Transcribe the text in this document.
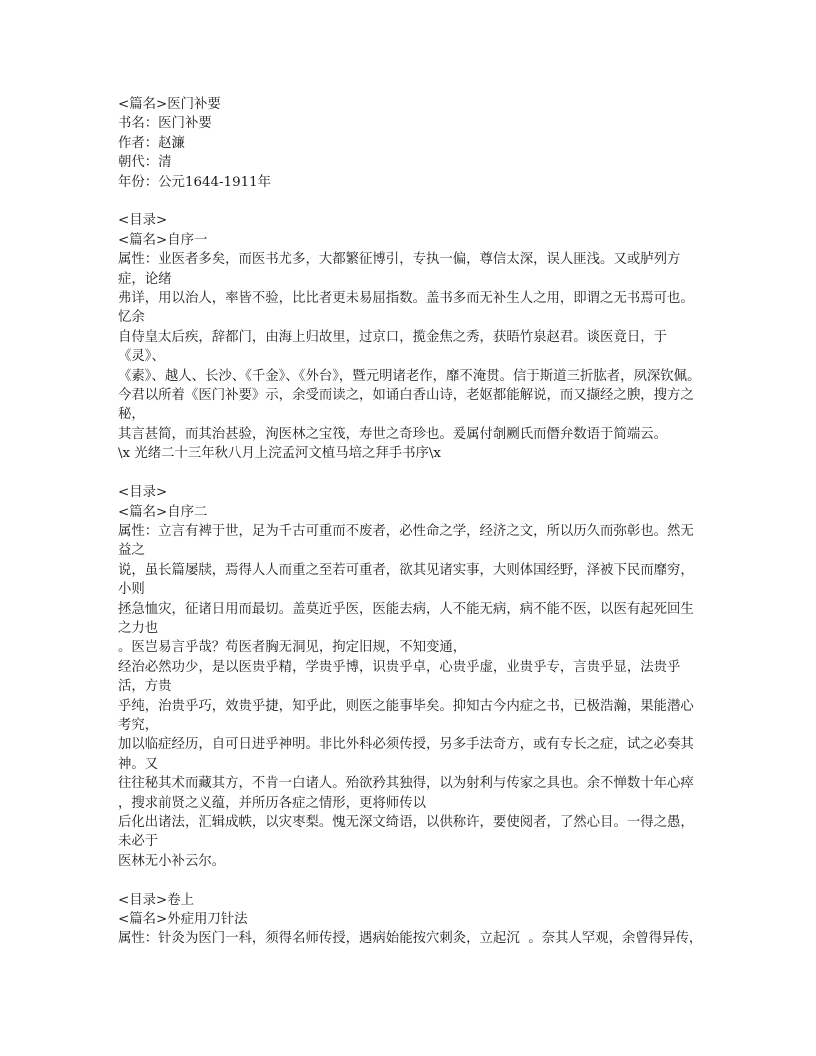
<篇名>医门补要

书名：医门补要

作者：赵濂

朝代：清

年份：公元1644-1911年

<目录>

<篇名>自序一

属性：业医者多矣，而医书尤多，大都繁征博引，专执一偏，尊信太深，误人匪浅。又或胪列方症，论绪

弗详，用以治人，率皆不验，比比者更未易屈指数。盖书多而无补生人之用，即谓之无书焉可也。忆余

自侍皇太后疾，辞都门，由海上归故里，过京口，揽金焦之秀，获晤竹泉赵君。谈医竟日，于《灵》、

《素》、越人、长沙、《千金》、《外台》，暨元明诸老作，靡不淹贯。信于斯道三折肱者，夙深钦佩。

今君以所着《医门补要》示，余受而读之，如诵白香山诗，老妪都能解说，而又撷经之腴，搜方之秘，

其言甚简，而其治甚验，洵医林之宝筏，寿世之奇珍也。爰属付剞劂氏而僭弁数语于简端云。

\x 光绪二十三年秋八月上浣孟河文植马培之拜手书序\x

<目录>

<篇名>自序二

属性：立言有裨于世，足为千古可重而不废者，必性命之学，经济之文，所以历久而弥彰也。然无益之

说，虽长篇屡牍，焉得人人而重之至若可重者，欲其见诸实事，大则体国经野，泽被下民而靡穷，小则

拯急恤灾，征诸日用而最切。盖莫近乎医，医能去病，人不能无病，病不能不医，以医有起死回生之力也

。医岂易言乎哉？苟医者胸无洞见，拘定旧规，不知变通，

经治必然功少，是以医贵乎精，学贵乎博，识贵乎卓，心贵乎虚，业贵乎专，言贵乎显，法贵乎活，方贵

乎纯，治贵乎巧，效贵乎捷，知乎此，则医之能事毕矣。抑知古今内症之书，已极浩瀚，果能潜心考究，

加以临症经历，自可日进乎神明。非比外科必须传授，另多手法奇方，或有专长之症，试之必奏其神。又

往往秘其术而藏其方，不肯一白诸人。殆欲矜其独得，以为射利与传家之具也。余不惮数十年心瘁

，搜求前贤之义蕴，并所历各症之情形，更将师传以

后化出诸法，汇辑成帙，以灾枣梨。愧无深文绮语，以供称许，要使阅者，了然心目。一得之愚，未必于

医林无小补云尔。

<目录>卷上

<篇名>外症用刀针法

属性：针灸为医门一科，须得名师传授，遇病始能按穴刺灸，立起沉  。奈其人罕观，余曾得异传，
